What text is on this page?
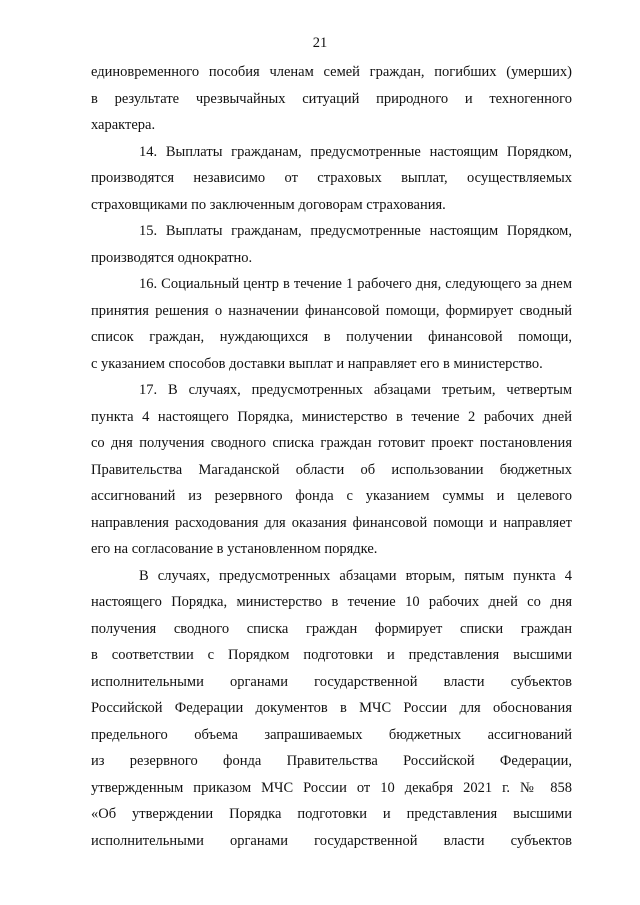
21
единовременного пособия членам семей граждан, погибших (умерших)
в результате чрезвычайных ситуаций природного и техногенного
характера.
14. Выплаты гражданам, предусмотренные настоящим Порядком,
производятся независимо от страховых выплат, осуществляемых
страховщиками по заключенным договорам страхования.
15. Выплаты гражданам, предусмотренные настоящим Порядком,
производятся однократно.
16. Социальный центр в течение 1 рабочего дня, следующего за днем
принятия решения о назначении финансовой помощи, формирует сводный
список граждан, нуждающихся в получении финансовой помощи,
с указанием способов доставки выплат и направляет его в министерство.
17. В случаях, предусмотренных абзацами третьим, четвертым
пункта 4 настоящего Порядка, министерство в течение 2 рабочих дней
со дня получения сводного списка граждан готовит проект постановления
Правительства Магаданской области об использовании бюджетных
ассигнований из резервного фонда с указанием суммы и целевого
направления расходования для оказания финансовой помощи и направляет
его на согласование в установленном порядке.
В случаях, предусмотренных абзацами вторым, пятым пункта 4
настоящего Порядка, министерство в течение 10 рабочих дней со дня
получения сводного списка граждан формирует списки граждан
в соответствии с Порядком подготовки и представления высшими
исполнительными органами государственной власти субъектов
Российской Федерации документов в МЧС России для обоснования
предельного объема запрашиваемых бюджетных ассигнований
из резервного фонда Правительства Российской Федерации,
утвержденным приказом МЧС России от 10 декабря 2021 г. № 858
«Об утверждении Порядка подготовки и представления высшими
исполнительными органами государственной власти субъектов
